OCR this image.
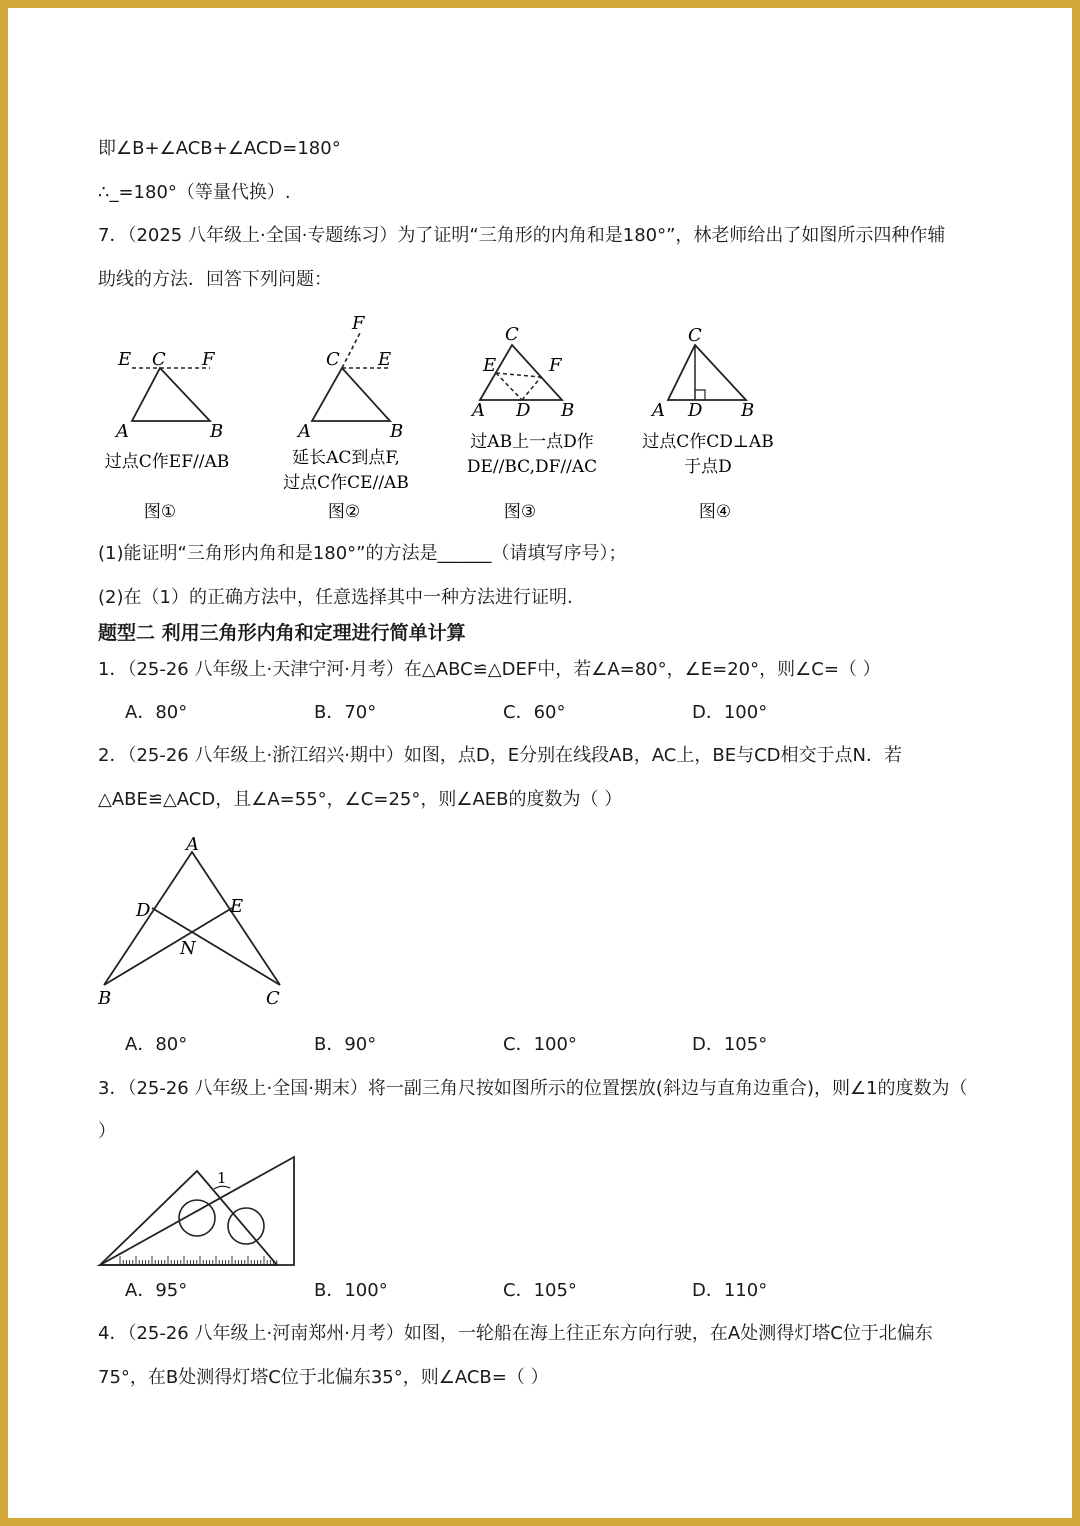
即∠B+∠ACB+∠ACD=180°
∴_=180°（等量代换）.
7．（2025 八年级上·全国·专题练习）为了证明“三角形的内角和是180°”，林老师给出了如图所示四种作辅
助线的方法．回答下列问题：
E C F
A	B
过点C作EF//AB
图①
F
C E
A	B
延长AC到点F,
过点C作CE//AB
图②
C
E	F
A D B
过AB上一点D作
DE//BC,DF//AC
图③
C
A D B
过点C作CD⊥AB
于点D
图④
(1)能证明“三角形内角和是180°”的方法是______（请填写序号）；
(2)在（1）的正确方法中，任意选择其中一种方法进行证明.
题型二 利用三角形内角和定理进行简单计算
1．（25-26 八年级上·天津宁河·月考）在△ABC≌△DEF中，若∠A=80°，∠E=20°，则∠C=（ ）
A．80°	B．70°	C．60°	D．100°
2．（25-26 八年级上·浙江绍兴·期中）如图，点D，E分别在线段AB，AC上，BE与CD相交于点N．若
△ABE≌△ACD，且∠A=55°，∠C=25°，则∠AEB的度数为（ ）
A
D	E
N
B	C
A．80°	B．90°	C．100°	D．105°
3．（25-26 八年级上·全国·期末）将一副三角尺按如图所示的位置摆放(斜边与直角边重合)，则∠1的度数为（
）
1
A．95°	B．100°	C．105°	D．110°
4．（25-26 八年级上·河南郑州·月考）如图，一轮船在海上往正东方向行驶，在A处测得灯塔C位于北偏东
75°，在B处测得灯塔C位于北偏东35°，则∠ACB=（ ）
